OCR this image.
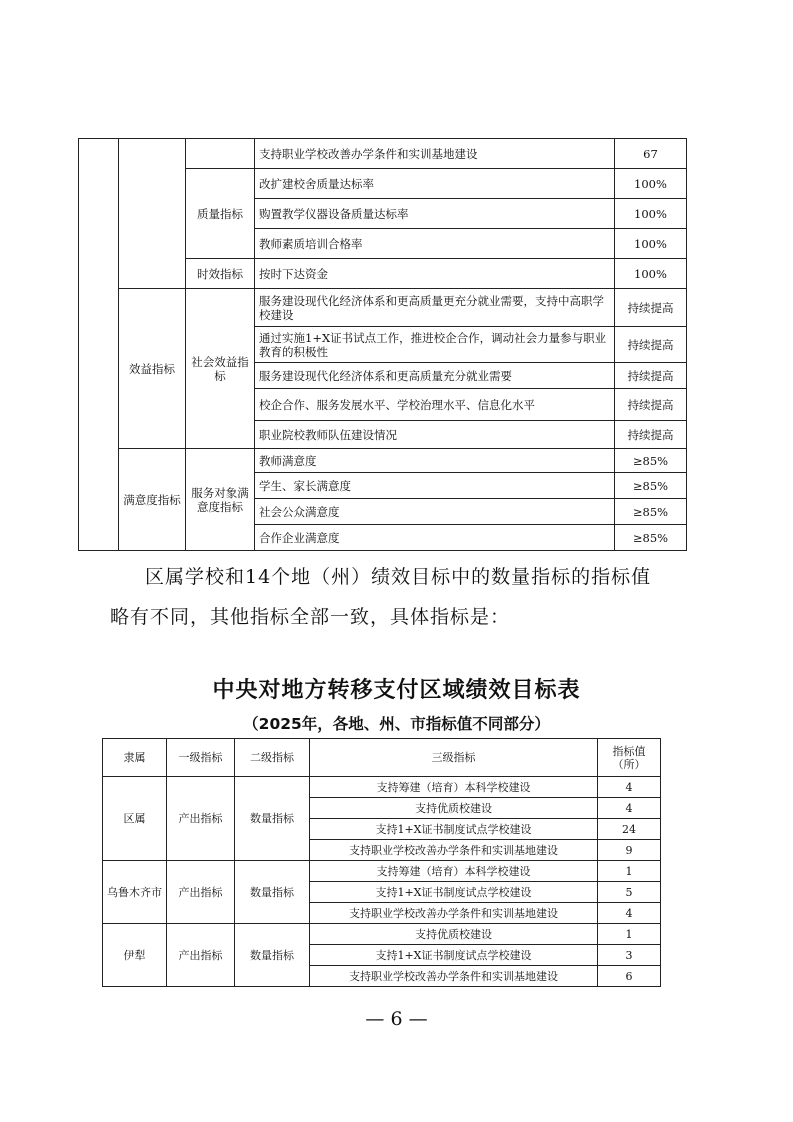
			支持职业学校改善办学条件和实训基地建设	67
		质量指标	改扩建校舍质量达标率	100%
			购置教学仪器设备质量达标率	100%
			教师素质培训合格率	100%
		时效指标	按时下达资金	100%
	效益指标	社会效益指标	服务建设现代化经济体系和更高质量更充分就业需要，支持中高职学校建设	持续提高
			通过实施1+X证书试点工作，推进校企合作，调动社会力量参与职业教育的积极性	持续提高
			服务建设现代化经济体系和更高质量充分就业需要	持续提高
			校企合作、服务发展水平、学校治理水平、信息化水平	持续提高
			职业院校教师队伍建设情况	持续提高
	满意度指标	服务对象满意度指标	教师满意度	≥85%
			学生、家长满意度	≥85%
			社会公众满意度	≥85%
			合作企业满意度	≥85%
区属学校和14个地（州）绩效目标中的数量指标的指标值
略有不同，其他指标全部一致，具体指标是：
中央对地方转移支付区域绩效目标表
（2025年，各地、州、市指标值不同部分）
隶属	一级指标	二级指标	三级指标	指标值（所）
区属	产出指标	数量指标	支持筹建（培育）本科学校建设	4
			支持优质校建设	4
			支持1+X证书制度试点学校建设	24
			支持职业学校改善办学条件和实训基地建设	9
乌鲁木齐市	产出指标	数量指标	支持筹建（培育）本科学校建设	1
			支持1+X证书制度试点学校建设	5
			支持职业学校改善办学条件和实训基地建设	4
伊犁	产出指标	数量指标	支持优质校建设	1
			支持1+X证书制度试点学校建设	3
			支持职业学校改善办学条件和实训基地建设	6
— 6 —
